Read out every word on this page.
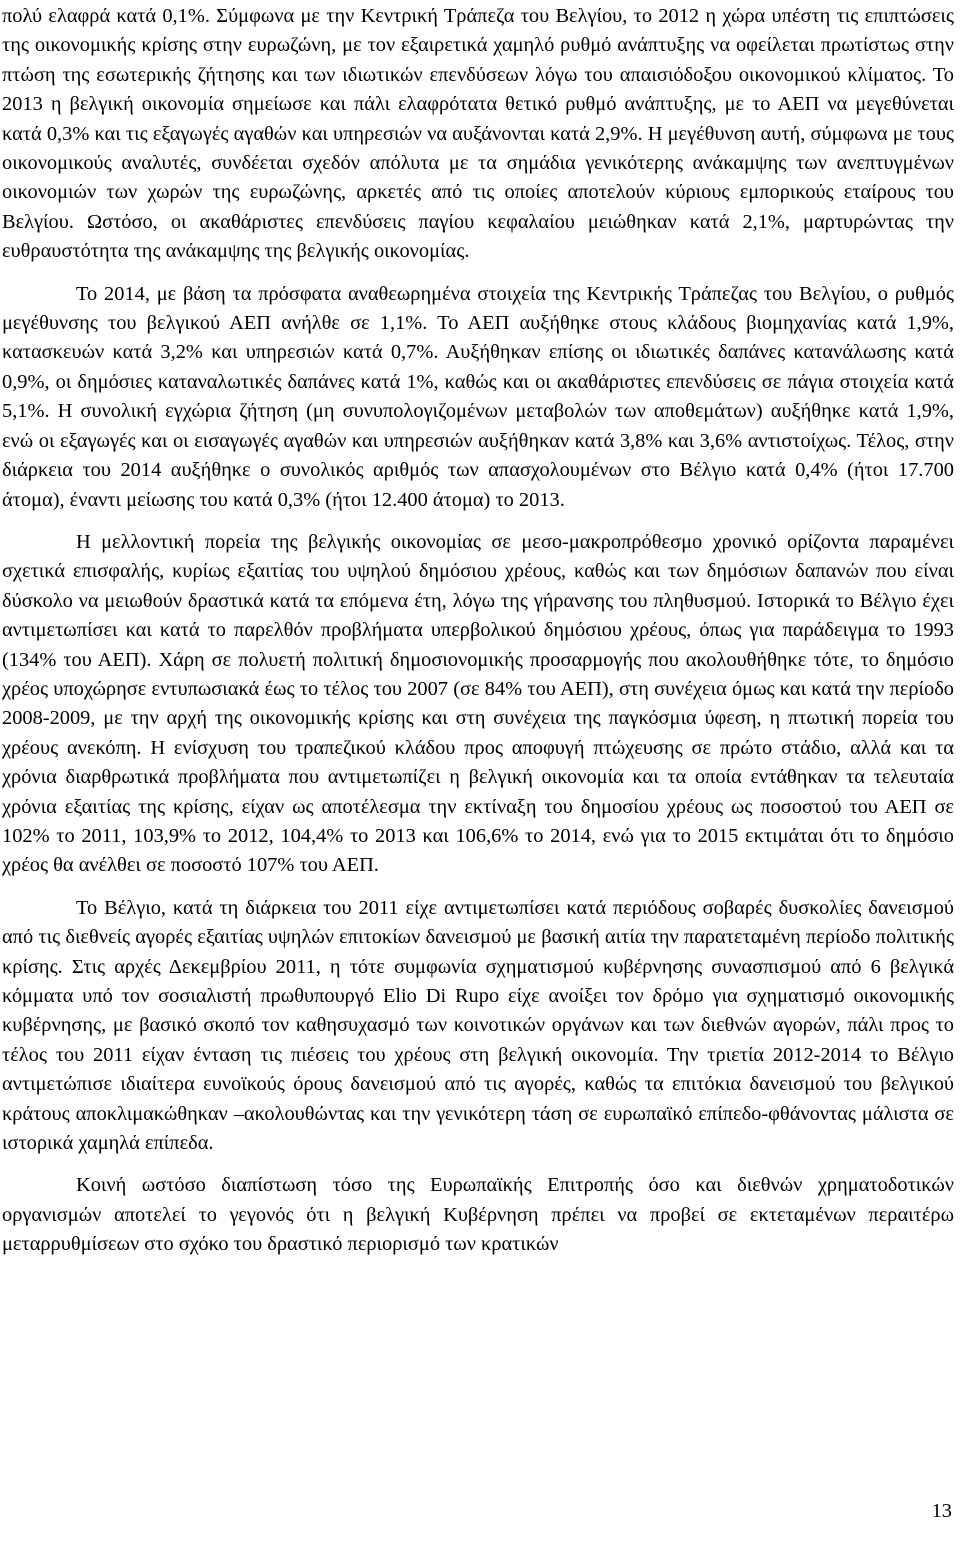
πολύ ελαφρά κατά 0,1%. Σύμφωνα με την Κεντρική Τράπεζα του Βελγίου, το 2012 η χώρα υπέστη τις επιπτώσεις της οικονομικής κρίσης στην ευρωζώνη, με τον εξαιρετικά χαμηλό ρυθμό ανάπτυξης να οφείλεται πρωτίστως στην πτώση της εσωτερικής ζήτησης και των ιδιωτικών επενδύσεων λόγω του απαισιόδοξου οικονομικού κλίματος. Το 2013 η βελγική οικονομία σημείωσε και πάλι ελαφρότατα θετικό ρυθμό ανάπτυξης, με το ΑΕΠ να μεγεθύνεται κατά 0,3% και τις εξαγωγές αγαθών και υπηρεσιών να αυξάνονται κατά 2,9%. Η μεγέθυνση αυτή, σύμφωνα με τους οικονομικούς αναλυτές, συνδέεται σχεδόν απόλυτα με τα σημάδια γενικότερης ανάκαμψης των ανεπτυγμένων οικονομιών των χωρών της ευρωζώνης, αρκετές από τις οποίες αποτελούν κύριους εμπορικούς εταίρους του Βελγίου. Ωστόσο, οι ακαθάριστες επενδύσεις παγίου κεφαλαίου μειώθηκαν κατά 2,1%, μαρτυρώντας την ευθραυστότητα της ανάκαμψης της βελγικής οικονομίας.

Το 2014, με βάση τα πρόσφατα αναθεωρημένα στοιχεία της Κεντρικής Τράπεζας του Βελγίου, ο ρυθμός μεγέθυνσης του βελγικού ΑΕΠ ανήλθε σε 1,1%. Το ΑΕΠ αυξήθηκε στους κλάδους βιομηχανίας κατά 1,9%, κατασκευών κατά 3,2% και υπηρεσιών κατά 0,7%. Αυξήθηκαν επίσης οι ιδιωτικές δαπάνες κατανάλωσης κατά 0,9%, οι δημόσιες καταναλωτικές δαπάνες κατά 1%, καθώς και οι ακαθάριστες επενδύσεις σε πάγια στοιχεία κατά 5,1%. Η συνολική εγχώρια ζήτηση (μη συνυπολογιζομένων μεταβολών των αποθεμάτων) αυξήθηκε κατά 1,9%, ενώ οι εξαγωγές και οι εισαγωγές αγαθών και υπηρεσιών αυξήθηκαν κατά 3,8% και 3,6% αντιστοίχως. Τέλος, στην διάρκεια του 2014 αυξήθηκε ο συνολικός αριθμός των απασχολουμένων στο Βέλγιο κατά 0,4% (ήτοι 17.700 άτομα), έναντι μείωσης του κατά 0,3% (ήτοι 12.400 άτομα) το 2013.

Η μελλοντική πορεία της βελγικής οικονομίας σε μεσο-μακροπρόθεσμο χρονικό ορίζοντα παραμένει σχετικά επισφαλής, κυρίως εξαιτίας του υψηλού δημόσιου χρέους, καθώς και των δημόσιων δαπανών που είναι δύσκολο να μειωθούν δραστικά κατά τα επόμενα έτη, λόγω της γήρανσης του πληθυσμού. Ιστορικά το Βέλγιο έχει αντιμετωπίσει και κατά το παρελθόν προβλήματα υπερβολικού δημόσιου χρέους, όπως για παράδειγμα το 1993 (134% του ΑΕΠ). Χάρη σε πολυετή πολιτική δημοσιονομικής προσαρμογής που ακολουθήθηκε τότε, το δημόσιο χρέος υποχώρησε εντυπωσιακά έως το τέλος του 2007 (σε 84% του ΑΕΠ), στη συνέχεια όμως και κατά την περίοδο 2008-2009, με την αρχή της οικονομικής κρίσης και στη συνέχεια της παγκόσμια ύφεση, η πτωτική πορεία του χρέους ανεκόπη. Η ενίσχυση του τραπεζικού κλάδου προς αποφυγή πτώχευσης σε πρώτο στάδιο, αλλά και τα χρόνια διαρθρωτικά προβλήματα που αντιμετωπίζει η βελγική οικονομία και τα οποία εντάθηκαν τα τελευταία χρόνια εξαιτίας της κρίσης, είχαν ως αποτέλεσμα την εκτίναξη του δημοσίου χρέους ως ποσοστού του ΑΕΠ σε 102% το 2011, 103,9% το 2012, 104,4% το 2013 και 106,6% το 2014, ενώ για το 2015 εκτιμάται ότι το δημόσιο χρέος θα ανέλθει σε ποσοστό 107% του ΑΕΠ.

Το Βέλγιο, κατά τη διάρκεια του 2011 είχε αντιμετωπίσει κατά περιόδους σοβαρές δυσκολίες δανεισμού από τις διεθνείς αγορές εξαιτίας υψηλών επιτοκίων δανεισμού με βασική αιτία την παρατεταμένη περίοδο πολιτικής κρίσης. Στις αρχές Δεκεμβρίου 2011, η τότε συμφωνία σχηματισμού κυβέρνησης συνασπισμού από 6 βελγικά κόμματα υπό τον σοσιαλιστή πρωθυπουργό Elio Di Rupo είχε ανοίξει τον δρόμο για σχηματισμό οικονομικής κυβέρνησης, με βασικό σκοπό τον καθησυχασμό των κοινοτικών οργάνων και των διεθνών αγορών, πάλι προς το τέλος του 2011 είχαν ένταση τις πιέσεις του χρέους στη βελγική οικονομία. Την τριετία 2012-2014 το Βέλγιο αντιμετώπισε ιδιαίτερα ευνοϊκούς όρους δανεισμού από τις αγορές, καθώς τα επιτόκια δανεισμού του βελγικού κράτους αποκλιμακώθηκαν –ακολουθώντας και την γενικότερη τάση σε ευρωπαϊκό επίπεδο-φθάνοντας μάλιστα σε ιστορικά χαμηλά επίπεδα.

Κοινή ωστόσο διαπίστωση τόσο της Ευρωπαϊκής Επιτροπής όσο και διεθνών χρηματοδοτικών οργανισμών αποτελεί το γεγονός ότι η βελγική Κυβέρνηση πρέπει να προβεί σε εκτεταμένων περαιτέρω μεταρρυθμίσεων στο σχόκο του δραστικό περιορισμό των κρατικών

13
